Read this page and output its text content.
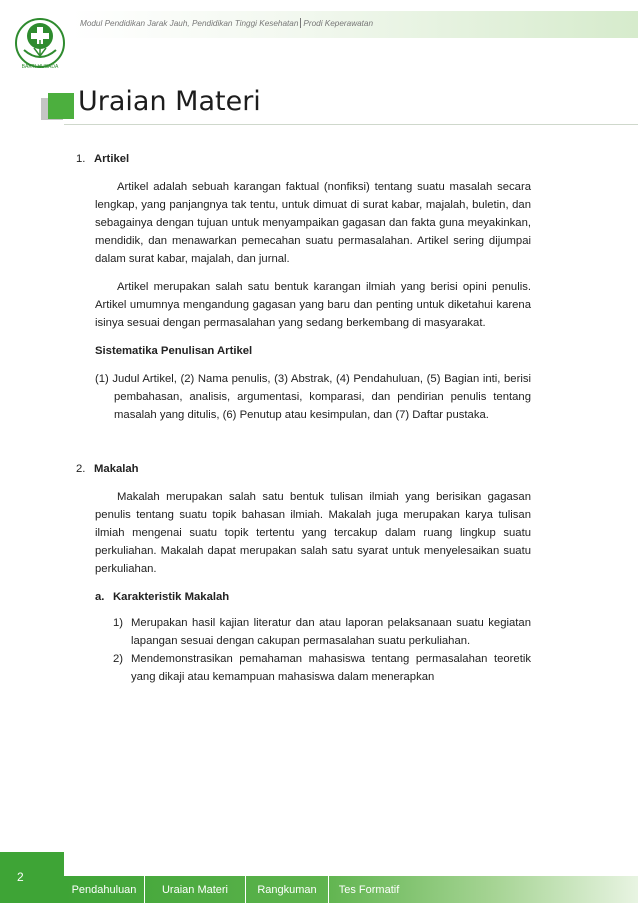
BAKTI HUSADA
Modul Pendidikan Jarak Jauh, Pendidikan Tinggi Kesehatan Prodi Keperawatan
Uraian Materi

1. Artikel

Artikel adalah sebuah karangan faktual (nonfiksi) tentang suatu masalah secara lengkap, yang panjangnya tak tentu, untuk dimuat di surat kabar, majalah, buletin, dan sebagainya dengan tujuan untuk menyampaikan gagasan dan fakta guna meyakinkan, mendidik, dan menawarkan pemecahan suatu permasalahan. Artikel sering dijumpai dalam surat kabar, majalah, dan jurnal.

Artikel merupakan salah satu bentuk karangan ilmiah yang berisi opini penulis. Artikel umumnya mengandung gagasan yang baru dan penting untuk diketahui karena isinya sesuai dengan permasalahan yang sedang berkembang di masyarakat.

Sistematika Penulisan Artikel

(1) Judul Artikel, (2) Nama penulis, (3) Abstrak, (4) Pendahuluan, (5) Bagian inti, berisi pembahasan, analisis, argumentasi, komparasi, dan pendirian penulis tentang masalah yang ditulis, (6) Penutup atau kesimpulan, dan (7) Daftar pustaka.

2. Makalah

Makalah merupakan salah satu bentuk tulisan ilmiah yang berisikan gagasan penulis tentang suatu topik bahasan ilmiah. Makalah juga merupakan karya tulisan ilmiah mengenai suatu topik tertentu yang tercakup dalam ruang lingkup suatu perkuliahan. Makalah dapat merupakan salah satu syarat untuk menyelesaikan suatu perkuliahan.

a. Karakteristik Makalah

1) Merupakan hasil kajian literatur dan atau laporan pelaksanaan suatu kegiatan lapangan sesuai dengan cakupan permasalahan suatu perkuliahan.
2) Mendemonstrasikan pemahaman mahasiswa tentang permasalahan teoretik yang dikaji atau kemampuan mahasiswa dalam menerapkan
2
Pendahuluan	Uraian Materi	Rangkuman	Tes Formatif
